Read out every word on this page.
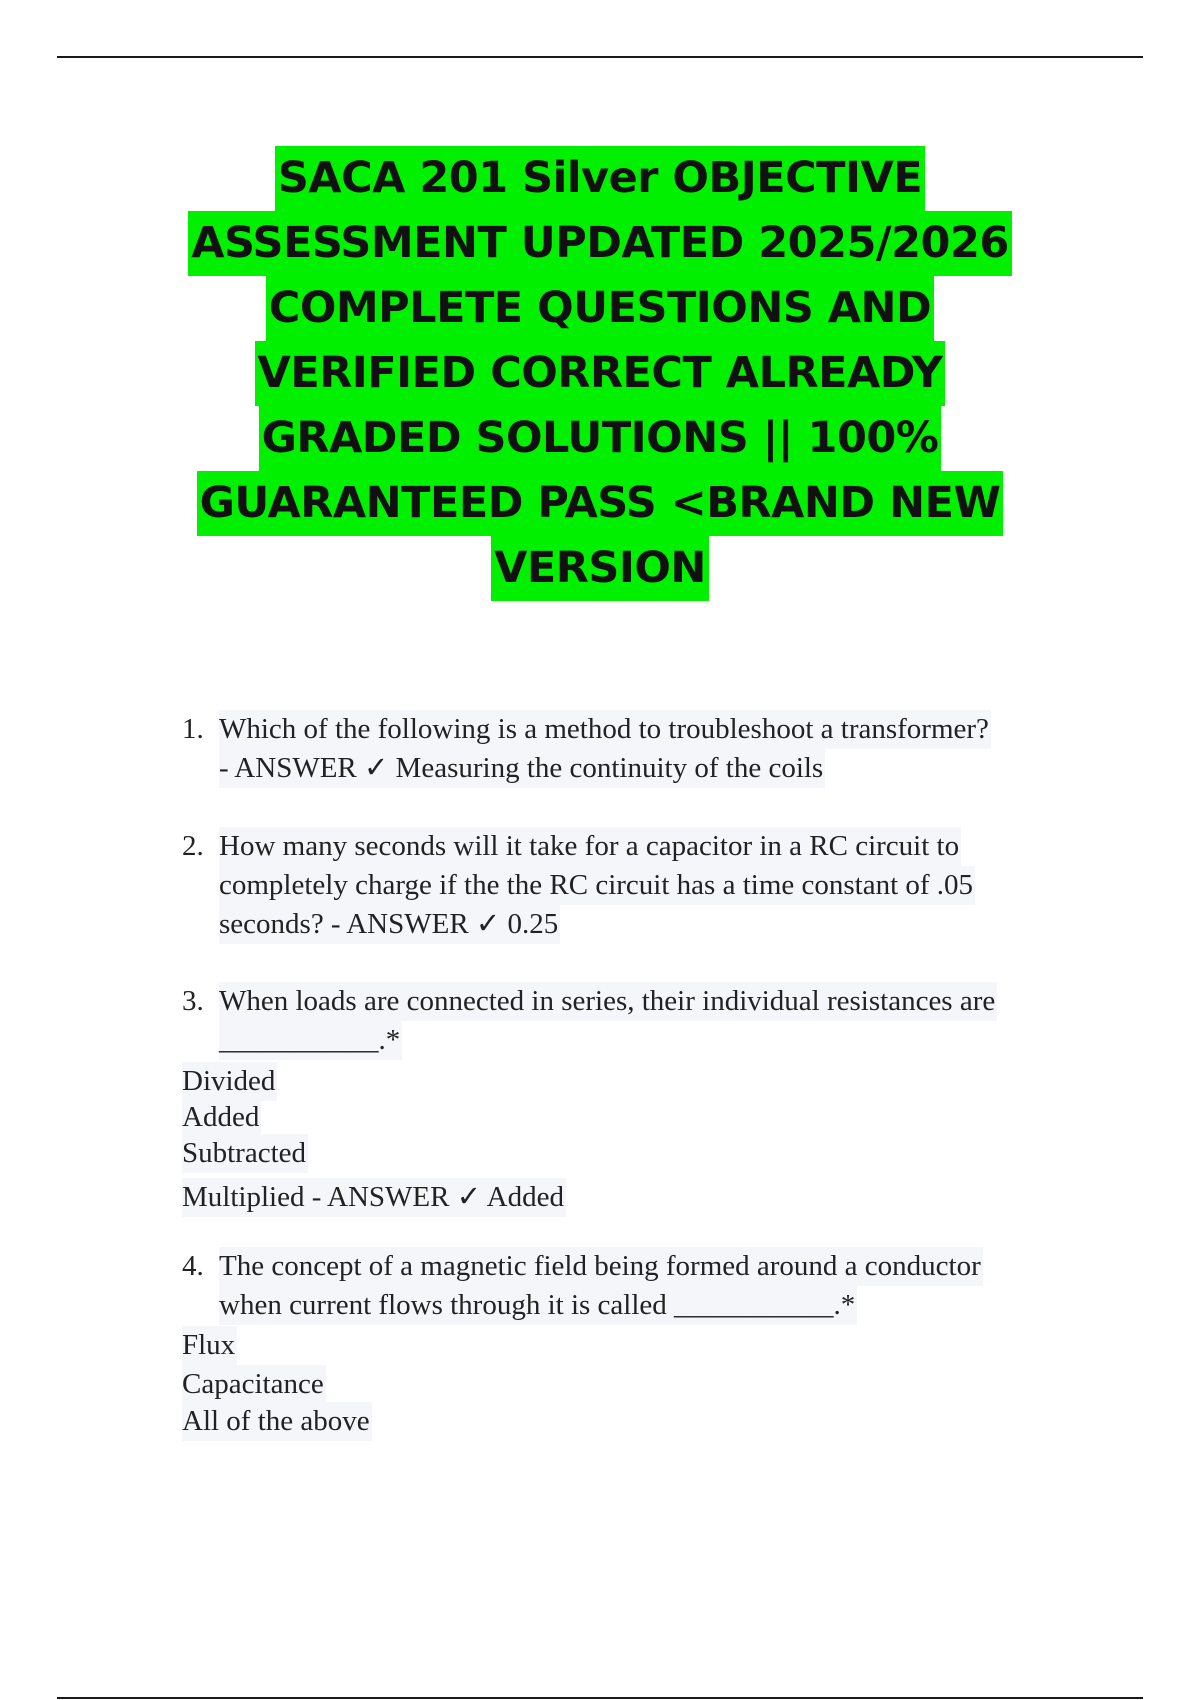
SACA 201 Silver OBJECTIVE
ASSESSMENT UPDATED 2025/2026
COMPLETE QUESTIONS AND
VERIFIED CORRECT ALREADY
GRADED SOLUTIONS || 100%
GUARANTEED PASS <BRAND NEW
VERSION
1. Which of the following is a method to troubleshoot a transformer?
- ANSWER ✓ Measuring the continuity of the coils
2. How many seconds will it take for a capacitor in a RC circuit to
completely charge if the the RC circuit has a time constant of .05
seconds? - ANSWER ✓ 0.25
3. When loads are connected in series, their individual resistances are
___________.*
Divided
Added
Subtracted
Multiplied - ANSWER ✓ Added
4. The concept of a magnetic field being formed around a conductor
when current flows through it is called ___________.*
Flux
Capacitance
All of the above
